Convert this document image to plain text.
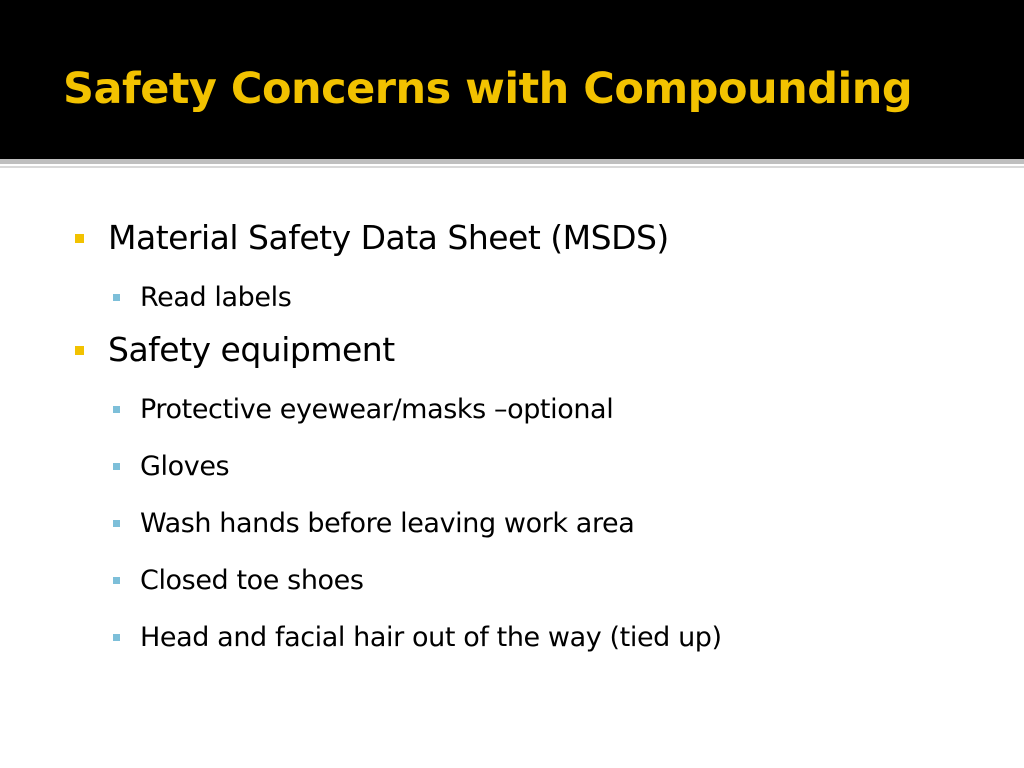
Safety Concerns with Compounding
Material Safety Data Sheet (MSDS)
Read labels
Safety equipment
Protective eyewear/masks –optional
Gloves
Wash hands before leaving work area
Closed toe shoes
Head and facial hair out of the way (tied up)
